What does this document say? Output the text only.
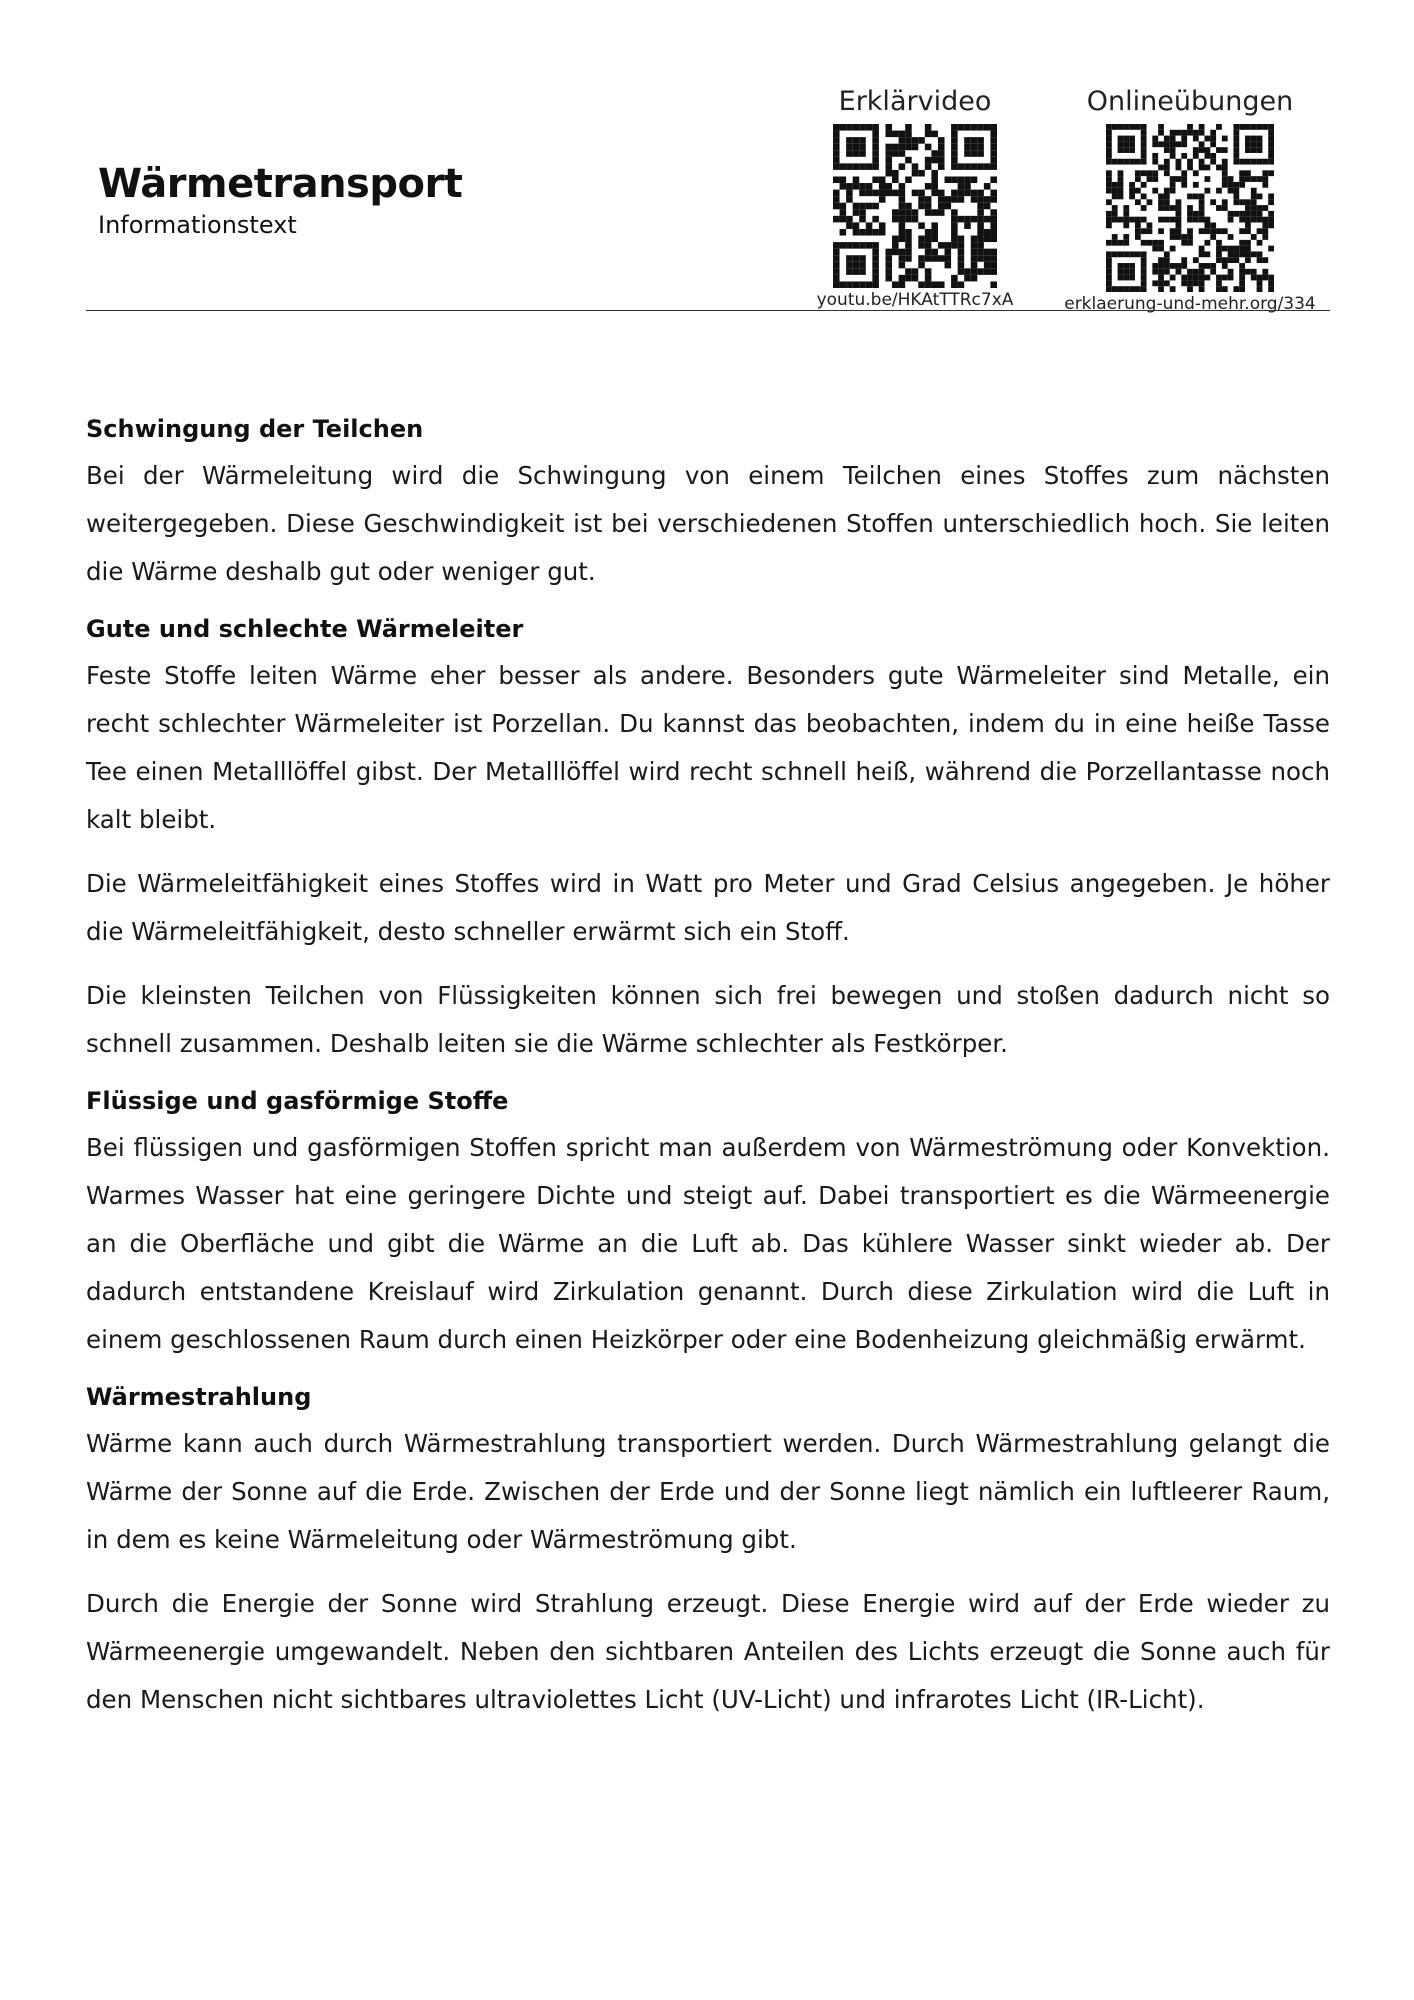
Wärmetransport
Informationstext
Erklärvideo
youtu.be/HKAtTTRc7xA
Onlineübungen
erklaerung-und-mehr.org/334
Schwingung der Teilchen

Bei der Wärmeleitung wird die Schwingung von einem Teilchen eines Stoffes zum nächsten weitergegeben. Diese Geschwindigkeit ist bei verschiedenen Stoffen unterschiedlich hoch. Sie leiten die Wärme deshalb gut oder weniger gut.

Gute und schlechte Wärmeleiter

Feste Stoffe leiten Wärme eher besser als andere. Besonders gute Wärmeleiter sind Metalle, ein recht schlechter Wärmeleiter ist Porzellan. Du kannst das beobachten, indem du in eine heiße Tasse Tee einen Metalllöffel gibst. Der Metalllöffel wird recht schnell heiß, während die Porzellantasse noch kalt bleibt.

Die Wärmeleitfähigkeit eines Stoffes wird in Watt pro Meter und Grad Celsius angegeben. Je höher die Wärmeleitfähigkeit, desto schneller erwärmt sich ein Stoff.

Die kleinsten Teilchen von Flüssigkeiten können sich frei bewegen und stoßen dadurch nicht so schnell zusammen. Deshalb leiten sie die Wärme schlechter als Festkörper.

Flüssige und gasförmige Stoffe

Bei flüssigen und gasförmigen Stoffen spricht man außerdem von Wärmeströmung oder Konvektion. Warmes Wasser hat eine geringere Dichte und steigt auf. Dabei transportiert es die Wärmeenergie an die Oberfläche und gibt die Wärme an die Luft ab. Das kühlere Wasser sinkt wieder ab. Der dadurch entstandene Kreislauf wird Zirkulation genannt. Durch diese Zirkulation wird die Luft in einem geschlossenen Raum durch einen Heizkörper oder eine Bodenheizung gleichmäßig erwärmt.

Wärmestrahlung

Wärme kann auch durch Wärmestrahlung transportiert werden. Durch Wärmestrahlung gelangt die Wärme der Sonne auf die Erde. Zwischen der Erde und der Sonne liegt nämlich ein luftleerer Raum, in dem es keine Wärmeleitung oder Wärmeströmung gibt.

Durch die Energie der Sonne wird Strahlung erzeugt. Diese Energie wird auf der Erde wieder zu Wärmeenergie umgewandelt. Neben den sichtbaren Anteilen des Lichts erzeugt die Sonne auch für den Menschen nicht sichtbares ultraviolettes Licht (UV-Licht) und infrarotes Licht (IR-Licht).
